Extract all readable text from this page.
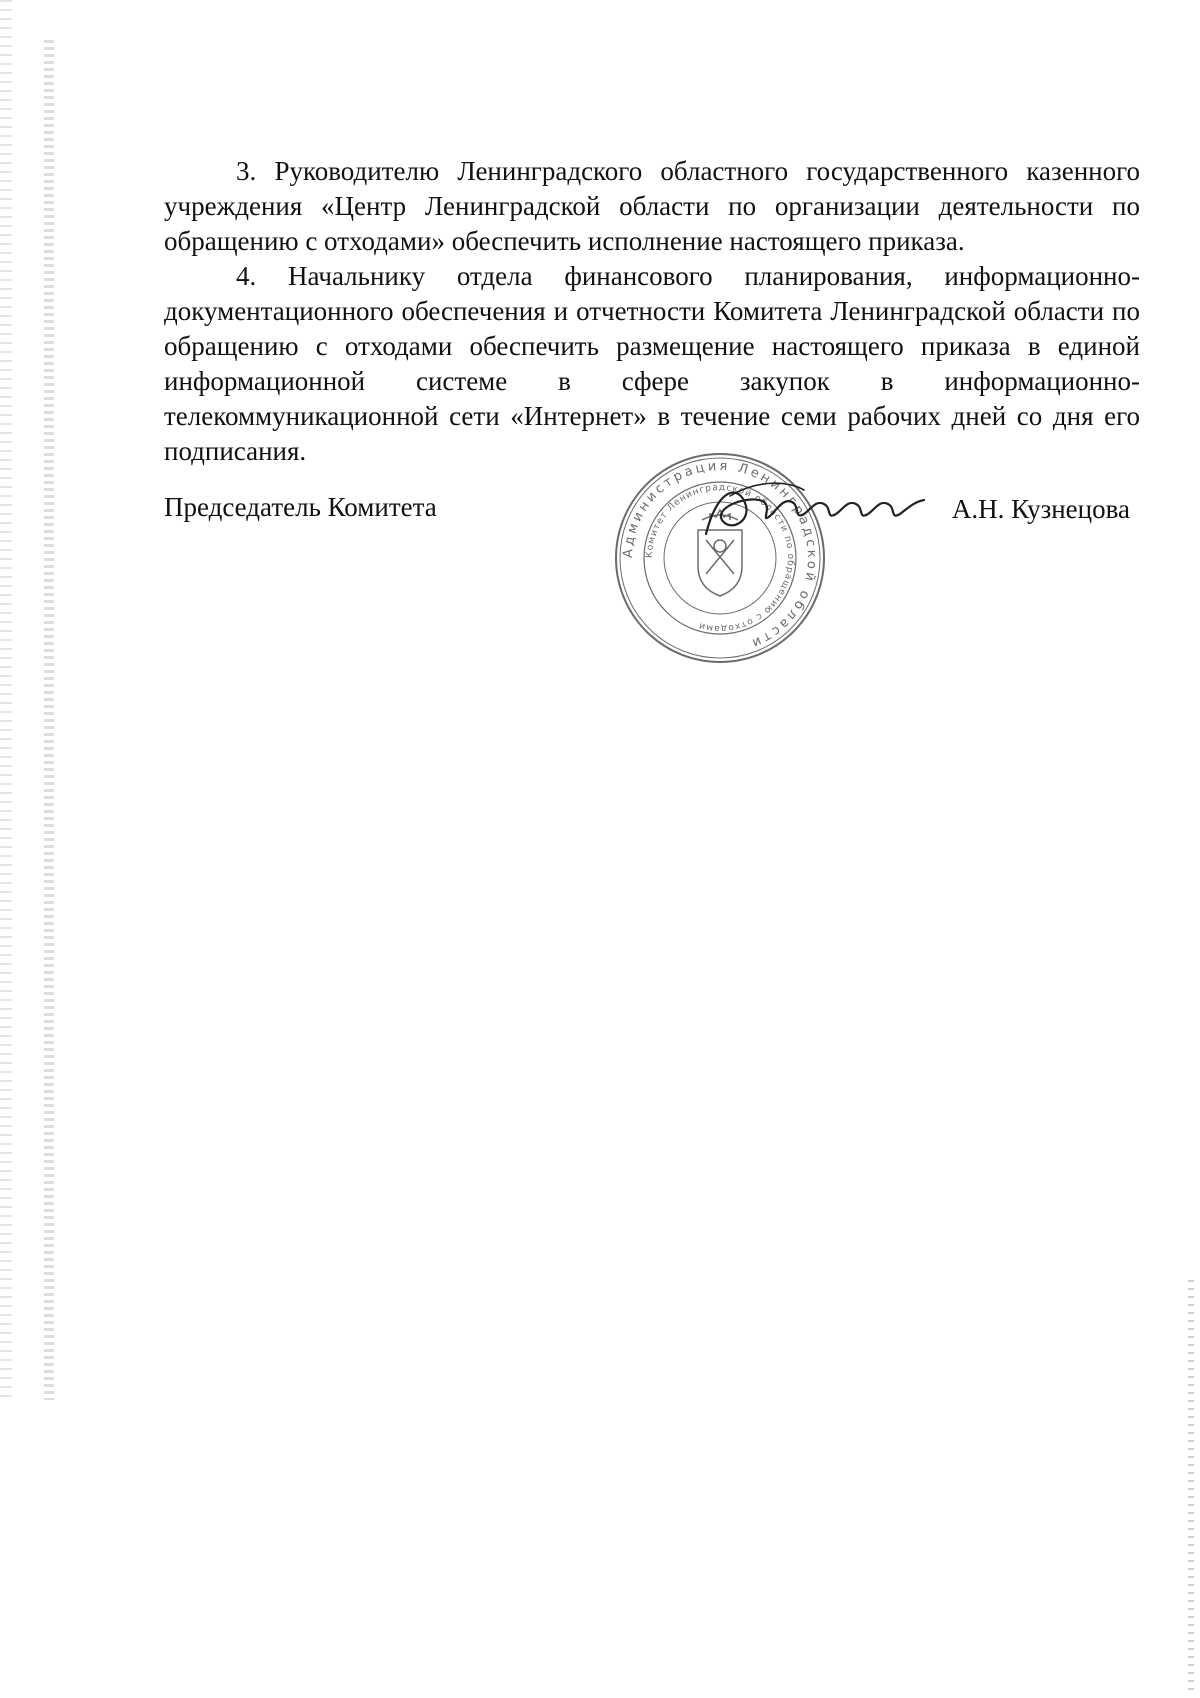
3. Руководителю Ленинградского областного государственного казенного учреждения «Центр Ленинградской области по организации деятельности по обращению с отходами» обеспечить исполнение настоящего приказа.

4. Начальнику отдела финансового планирования, информационно-документационного обеспечения и отчетности Комитета Ленинградской области по обращению с отходами обеспечить размещение настоящего приказа в единой информационной системе в сфере закупок в информационно-телекоммуникационной сети «Интернет» в течение семи рабочих дней со дня его подписания.

Администрация Ленинградской области
Комитет Ленинградской области по обращению с отходами
Председатель Комитета	А.Н. Кузнецова
